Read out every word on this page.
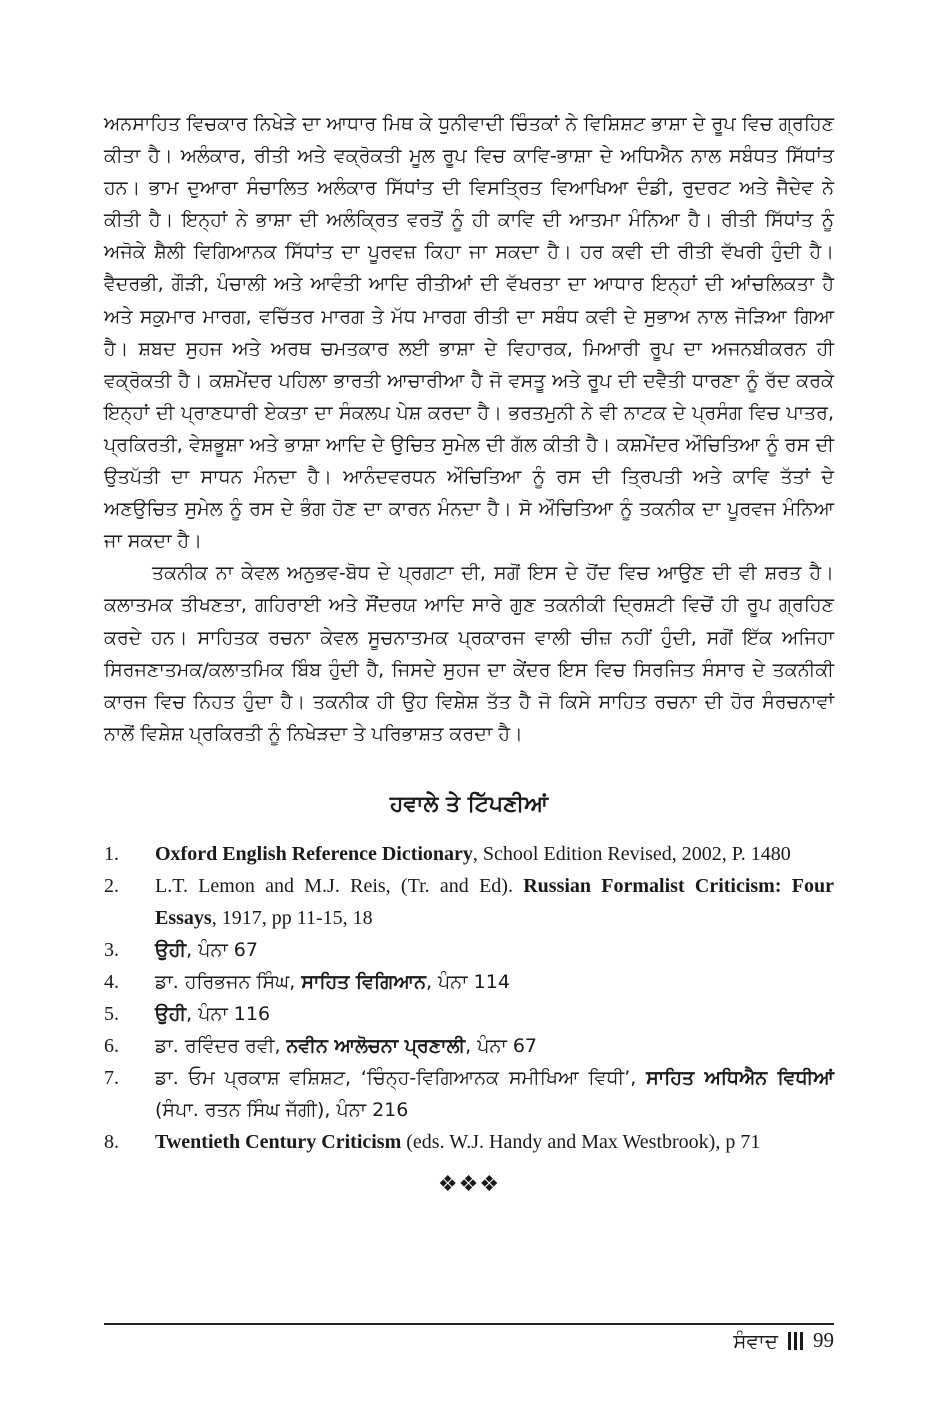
ਅਨਸਾਹਿਤ ਵਿਚਕਾਰ ਨਿਖੇੜੇ ਦਾ ਆਧਾਰ ਮਿਥ ਕੇ ਧੁਨੀਵਾਦੀ ਚਿੰਤਕਾਂ ਨੇ ਵਿਸ਼ਿਸ਼ਟ ਭਾਸ਼ਾ ਦੇ ਰੂਪ ਵਿਚ ਗ੍ਰਹਿਣ ਕੀਤਾ ਹੈ। ਅਲੰਕਾਰ, ਰੀਤੀ ਅਤੇ ਵਕ੍ਰੋਕਤੀ ਮੂਲ ਰੂਪ ਵਿਚ ਕਾਵਿ-ਭਾਸ਼ਾ ਦੇ ਅਧਿਐਨ ਨਾਲ ਸਬੰਧਤ ਸਿੱਧਾਂਤ ਹਨ। ਭਾਮ ਦੁਆਰਾ ਸੰਚਾਲਿਤ ਅਲੰਕਾਰ ਸਿੱਧਾਂਤ ਦੀ ਵਿਸਤ੍ਰਿਤ ਵਿਆਖਿਆ ਦੰਡੀ, ਰੁਦਰਟ ਅਤੇ ਜੈਦੇਵ ਨੇ ਕੀਤੀ ਹੈ। ਇਨ੍ਹਾਂ ਨੇ ਭਾਸ਼ਾ ਦੀ ਅਲੰਕ੍ਰਿਤ ਵਰਤੋਂ ਨੂੰ ਹੀ ਕਾਵਿ ਦੀ ਆਤਮਾ ਮੰਨਿਆ ਹੈ। ਰੀਤੀ ਸਿੱਧਾਂਤ ਨੂੰ ਅਜੋਕੇ ਸ਼ੈਲੀ ਵਿਗਿਆਨਕ ਸਿੱਧਾਂਤ ਦਾ ਪੂਰਵਜ਼ ਕਿਹਾ ਜਾ ਸਕਦਾ ਹੈ। ਹਰ ਕਵੀ ਦੀ ਰੀਤੀ ਵੱਖਰੀ ਹੁੰਦੀ ਹੈ। ਵੈਦਰਭੀ, ਗੌੜੀ, ਪੰਚਾਲੀ ਅਤੇ ਆਵੰਤੀ ਆਦਿ ਰੀਤੀਆਂ ਦੀ ਵੱਖਰਤਾ ਦਾ ਆਧਾਰ ਇਨ੍ਹਾਂ ਦੀ ਆਂਚਲਿਕਤਾ ਹੈ ਅਤੇ ਸਕੁਮਾਰ ਮਾਰਗ, ਵਚਿੱਤਰ ਮਾਰਗ ਤੇ ਮੱਧ ਮਾਰਗ ਰੀਤੀ ਦਾ ਸਬੰਧ ਕਵੀ ਦੇ ਸੁਭਾਅ ਨਾਲ ਜੋੜਿਆ ਗਿਆ ਹੈ। ਸ਼ਬਦ ਸੁਹਜ ਅਤੇ ਅਰਥ ਚਮਤਕਾਰ ਲਈ ਭਾਸ਼ਾ ਦੇ ਵਿਹਾਰਕ, ਮਿਆਰੀ ਰੂਪ ਦਾ ਅਜਨਬੀਕਰਨ ਹੀ ਵਕ੍ਰੋਕਤੀ ਹੈ। ਕਸ਼ਮੇਂਦਰ ਪਹਿਲਾ ਭਾਰਤੀ ਆਚਾਰੀਆ ਹੈ ਜੋ ਵਸਤੂ ਅਤੇ ਰੂਪ ਦੀ ਦਵੈਤੀ ਧਾਰਣਾ ਨੂੰ ਰੱਦ ਕਰਕੇ ਇਨ੍ਹਾਂ ਦੀ ਪ੍ਰਾਣਧਾਰੀ ਏਕਤਾ ਦਾ ਸੰਕਲਪ ਪੇਸ਼ ਕਰਦਾ ਹੈ। ਭਰਤਮੁਨੀ ਨੇ ਵੀ ਨਾਟਕ ਦੇ ਪ੍ਰਸੰਗ ਵਿਚ ਪਾਤਰ, ਪ੍ਰਕਿਰਤੀ, ਵੇਸ਼ਭੂਸ਼ਾ ਅਤੇ ਭਾਸ਼ਾ ਆਦਿ ਦੇ ਉਚਿਤ ਸੁਮੇਲ ਦੀ ਗੱਲ ਕੀਤੀ ਹੈ। ਕਸ਼ਮੇਂਦਰ ਔਚਿਤਿਆ ਨੂੰ ਰਸ ਦੀ ਉਤਪੱਤੀ ਦਾ ਸਾਧਨ ਮੰਨਦਾ ਹੈ। ਆਨੰਦਵਰਧਨ ਔਚਿਤਿਆ ਨੂੰ ਰਸ ਦੀ ਤ੍ਰਿਪਤੀ ਅਤੇ ਕਾਵਿ ਤੱਤਾਂ ਦੇ ਅਣਉਚਿਤ ਸੁਮੇਲ ਨੂੰ ਰਸ ਦੇ ਭੰਗ ਹੋਣ ਦਾ ਕਾਰਨ ਮੰਨਦਾ ਹੈ। ਸੋ ਔਚਿਤਿਆ ਨੂੰ ਤਕਨੀਕ ਦਾ ਪੂਰਵਜ ਮੰਨਿਆ ਜਾ ਸਕਦਾ ਹੈ।

ਤਕਨੀਕ ਨਾ ਕੇਵਲ ਅਨੁਭਵ-ਬੋਧ ਦੇ ਪ੍ਰਗਟਾ ਦੀ, ਸਗੋਂ ਇਸ ਦੇ ਹੋਂਦ ਵਿਚ ਆਉਣ ਦੀ ਵੀ ਸ਼ਰਤ ਹੈ। ਕਲਾਤਮਕ ਤੀਖਣਤਾ, ਗਹਿਰਾਈ ਅਤੇ ਸੌਂਦਰਯ ਆਦਿ ਸਾਰੇ ਗੁਣ ਤਕਨੀਕੀ ਦ੍ਰਿਸ਼ਟੀ ਵਿਚੋਂ ਹੀ ਰੂਪ ਗ੍ਰਹਿਣ ਕਰਦੇ ਹਨ। ਸਾਹਿਤਕ ਰਚਨਾ ਕੇਵਲ ਸੂਚਨਾਤਮਕ ਪ੍ਰਕਾਰਜ ਵਾਲੀ ਚੀਜ਼ ਨਹੀਂ ਹੁੰਦੀ, ਸਗੋਂ ਇੱਕ ਅਜਿਹਾ ਸਿਰਜਣਾਤਮਕ/ਕਲਾਤਮਿਕ ਬਿੰਬ ਹੁੰਦੀ ਹੈ, ਜਿਸਦੇ ਸੁਹਜ ਦਾ ਕੇਂਦਰ ਇਸ ਵਿਚ ਸਿਰਜਿਤ ਸੰਸਾਰ ਦੇ ਤਕਨੀਕੀ ਕਾਰਜ ਵਿਚ ਨਿਹਤ ਹੁੰਦਾ ਹੈ। ਤਕਨੀਕ ਹੀ ਉਹ ਵਿਸ਼ੇਸ਼ ਤੱਤ ਹੈ ਜੋ ਕਿਸੇ ਸਾਹਿਤ ਰਚਨਾ ਦੀ ਹੋਰ ਸੰਰਚਨਾਵਾਂ ਨਾਲੋਂ ਵਿਸ਼ੇਸ਼ ਪ੍ਰਕਿਰਤੀ ਨੂੰ ਨਿਖੇੜਦਾ ਤੇ ਪਰਿਭਾਸ਼ਤ ਕਰਦਾ ਹੈ।

ਹਵਾਲੇ ਤੇ ਟਿੱਪਣੀਆਂ
1.	Oxford English Reference Dictionary, School Edition Revised, 2002, P. 1480
2.	L.T. Lemon and M.J. Reis, (Tr. and Ed). Russian Formalist Criticism: Four Essays, 1917, pp 11-15, 18
3.	ਉਹੀ, ਪੰਨਾ 67
4.	ਡਾ. ਹਰਿਭਜਨ ਸਿੰਘ, ਸਾਹਿਤ ਵਿਗਿਆਨ, ਪੰਨਾ 114
5.	ਉਹੀ, ਪੰਨਾ 116
6.	ਡਾ. ਰਵਿੰਦਰ ਰਵੀ, ਨਵੀਨ ਆਲੋਚਨਾ ਪ੍ਰਣਾਲੀ, ਪੰਨਾ 67
7.	ਡਾ. ਓਮ ਪ੍ਰਕਾਸ਼ ਵਸ਼ਿਸ਼ਟ, ‘ਚਿੰਨ੍ਹ-ਵਿਗਿਆਨਕ ਸਮੀਖਿਆ ਵਿਧੀ’, ਸਾਹਿਤ ਅਧਿਐਨ ਵਿਧੀਆਂ (ਸੰਪਾ. ਰਤਨ ਸਿੰਘ ਜੱਗੀ), ਪੰਨਾ 216
8.	Twentieth Century Criticism (eds. W.J. Handy and Max Westbrook), p 71
❖❖❖
ਸੰਵਾਦ 99
